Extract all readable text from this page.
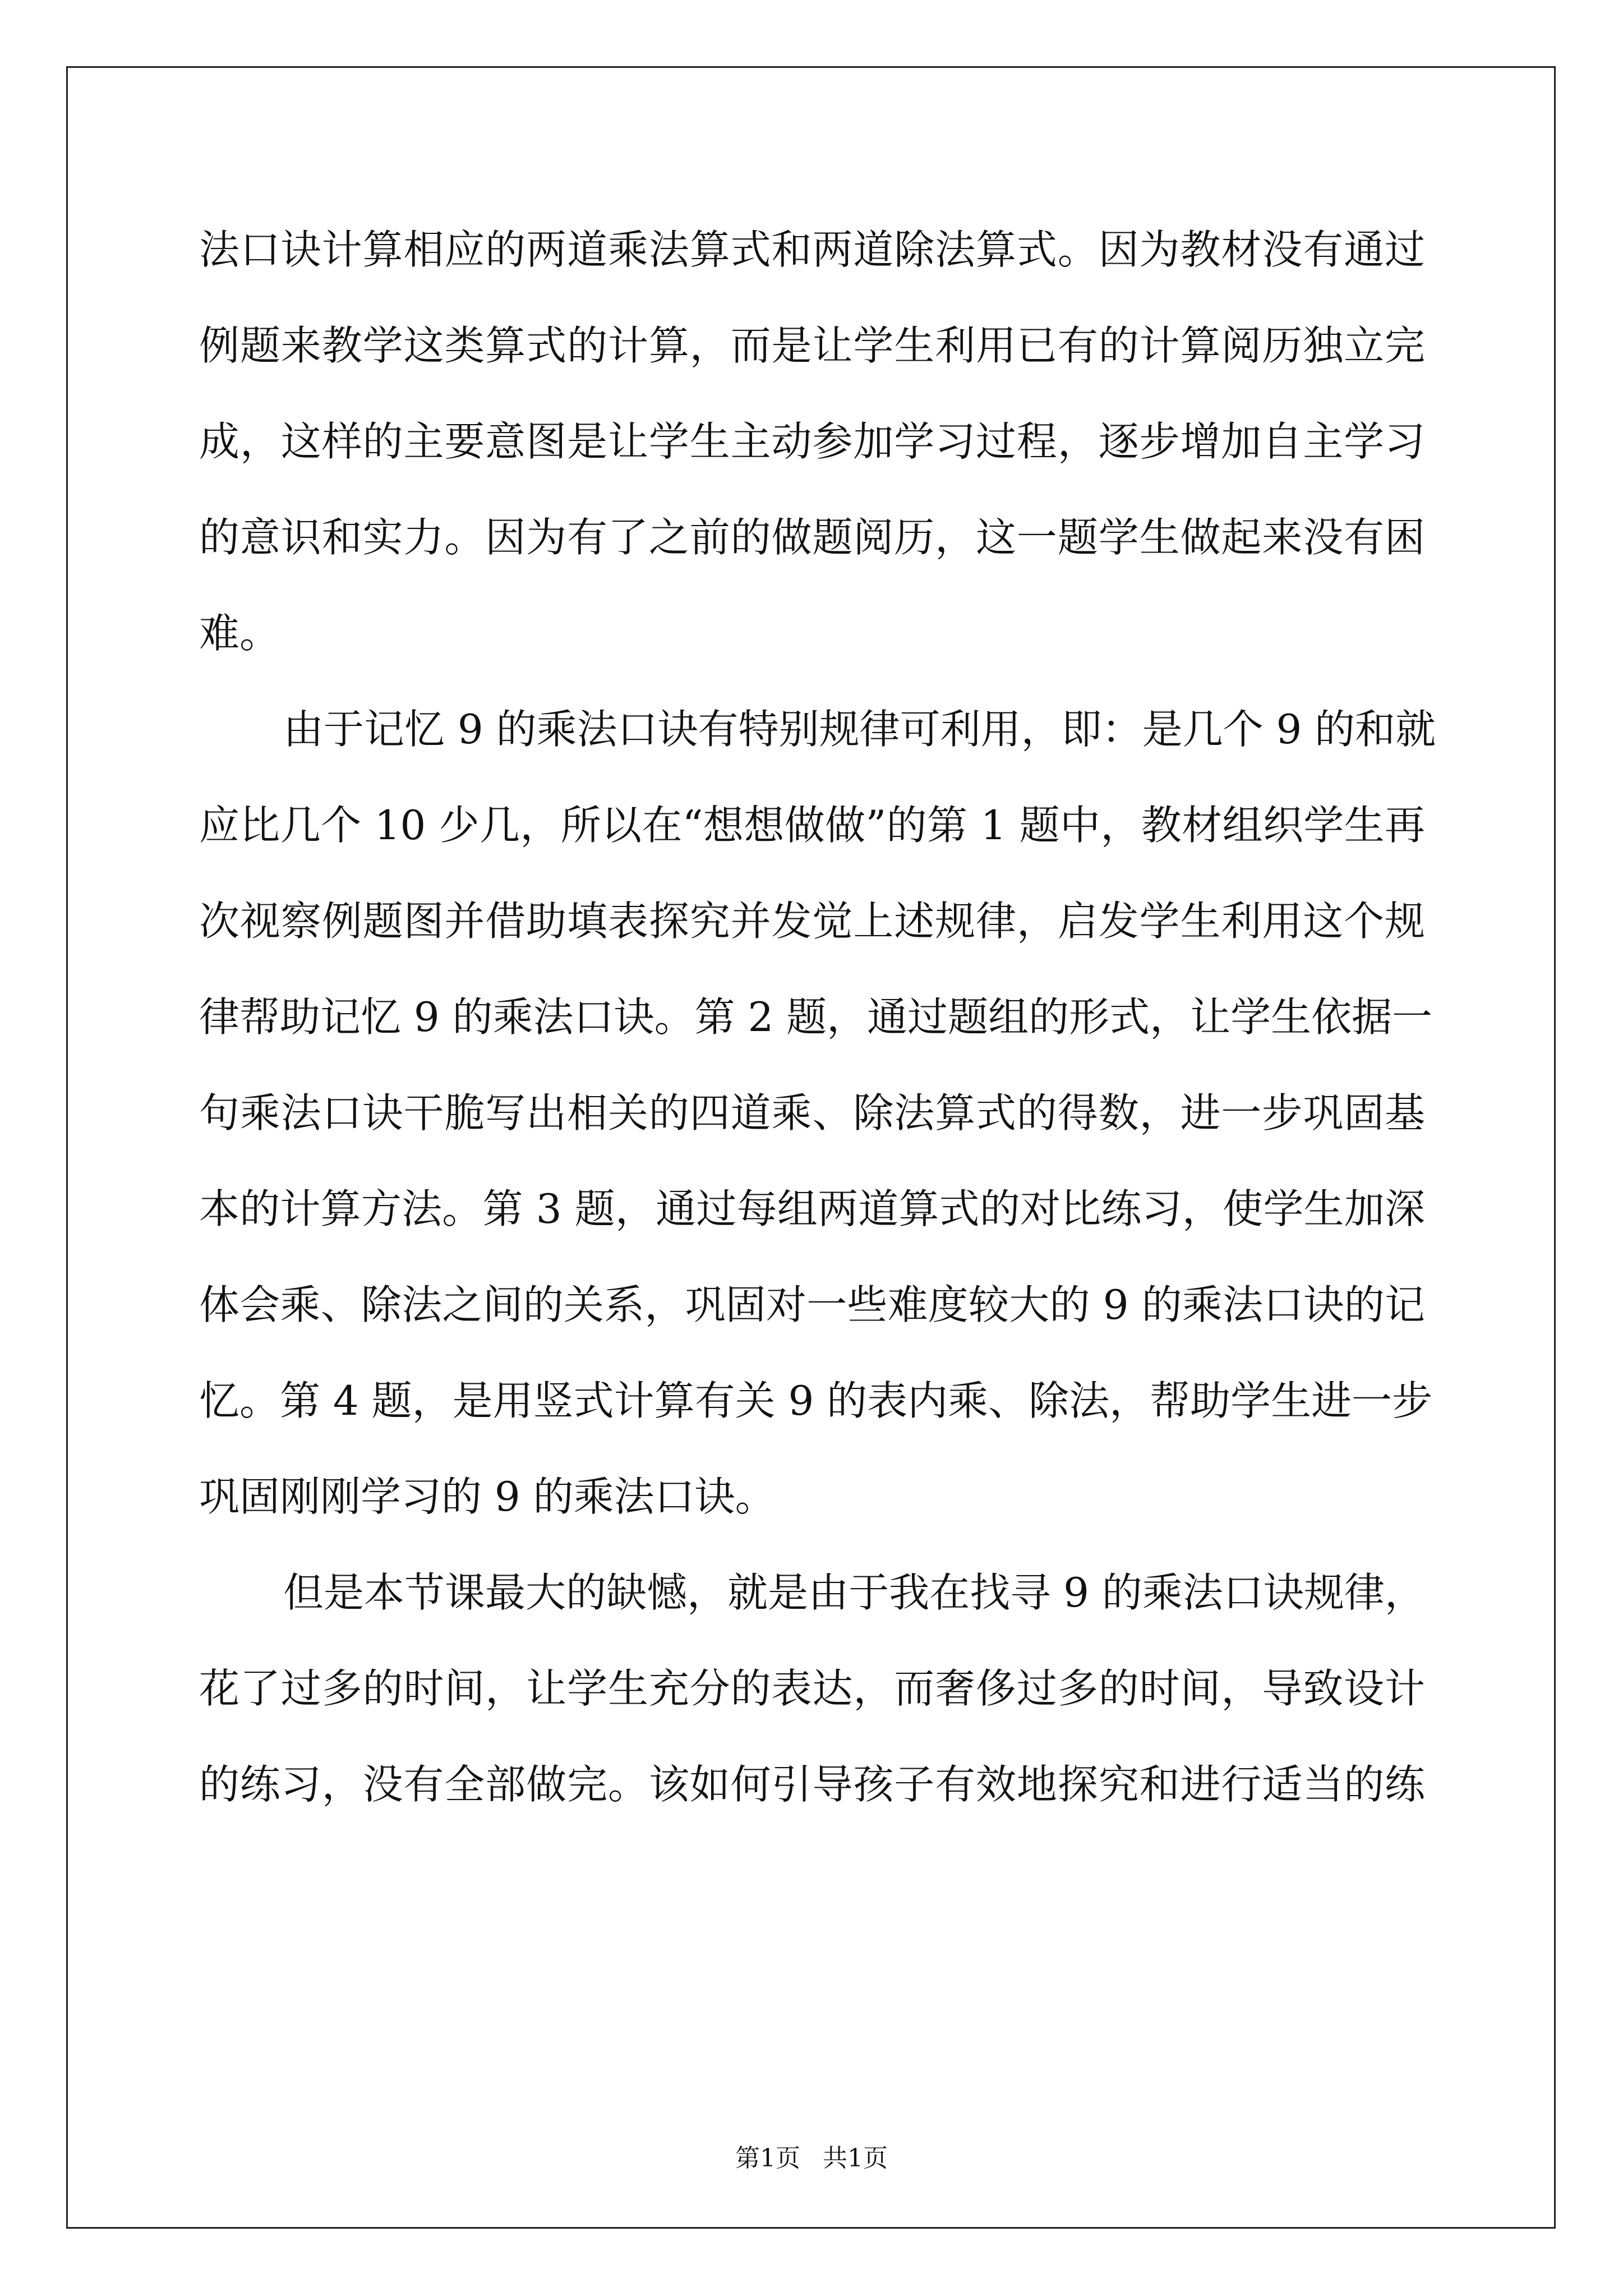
法口诀计算相应的两道乘法算式和两道除法算式。因为教材没有通过
例题来教学这类算式的计算，而是让学生利用已有的计算阅历独立完
成，这样的主要意图是让学生主动参加学习过程，逐步增加自主学习
的意识和实力。因为有了之前的做题阅历，这一题学生做起来没有困
难。
由于记忆 9 的乘法口诀有特别规律可利用，即：是几个 9 的和就
应比几个 10 少几，所以在“想想做做”的第 1 题中，教材组织学生再
次视察例题图并借助填表探究并发觉上述规律，启发学生利用这个规
律帮助记忆 9 的乘法口诀。第 2 题，通过题组的形式，让学生依据一
句乘法口诀干脆写出相关的四道乘、除法算式的得数，进一步巩固基
本的计算方法。第 3 题，通过每组两道算式的对比练习，使学生加深
体会乘、除法之间的关系，巩固对一些难度较大的 9 的乘法口诀的记
忆。第 4 题，是用竖式计算有关 9 的表内乘、除法，帮助学生进一步
巩固刚刚学习的 9 的乘法口诀。
但是本节课最大的缺憾，就是由于我在找寻 9 的乘法口诀规律，
花了过多的时间，让学生充分的表达，而奢侈过多的时间，导致设计
的练习，没有全部做完。该如何引导孩子有效地探究和进行适当的练
第1页 共1页
